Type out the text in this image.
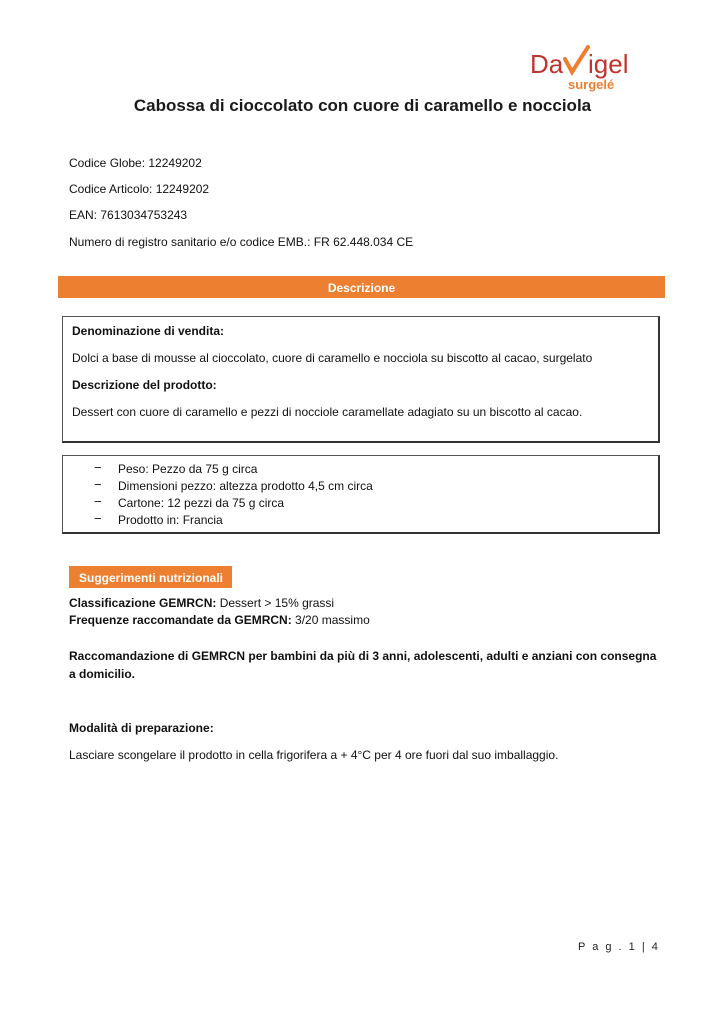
Da igel
surgelé
Cabossa di cioccolato con cuore di caramello e nocciola
Codice Globe: 12249202
Codice Articolo: 12249202
EAN: 7613034753243
Numero di registro sanitario e/o codice EMB.: FR 62.448.034 CE
Descrizione
Denominazione di vendita:
Dolci a base di mousse al cioccolato, cuore di caramello e nocciola su biscotto al cacao, surgelato
Descrizione del prodotto:
Dessert con cuore di caramello e pezzi di nocciole caramellate adagiato su un biscotto al cacao.
− Peso: Pezzo da 75 g circa
− Dimensioni pezzo: altezza prodotto 4,5 cm circa
− Cartone: 12 pezzi da 75 g circa
− Prodotto in: Francia
Suggerimenti nutrizionali
Classificazione GEMRCN: Dessert > 15% grassi
Frequenze raccomandate da GEMRCN: 3/20 massimo
Raccomandazione di GEMRCN per bambini da più di 3 anni, adolescenti, adulti e anziani con consegna a domicilio.
Modalità di preparazione:
Lasciare scongelare il prodotto in cella frigorifera a + 4°C per 4 ore fuori dal suo imballaggio.
P a g . 1 | 4
